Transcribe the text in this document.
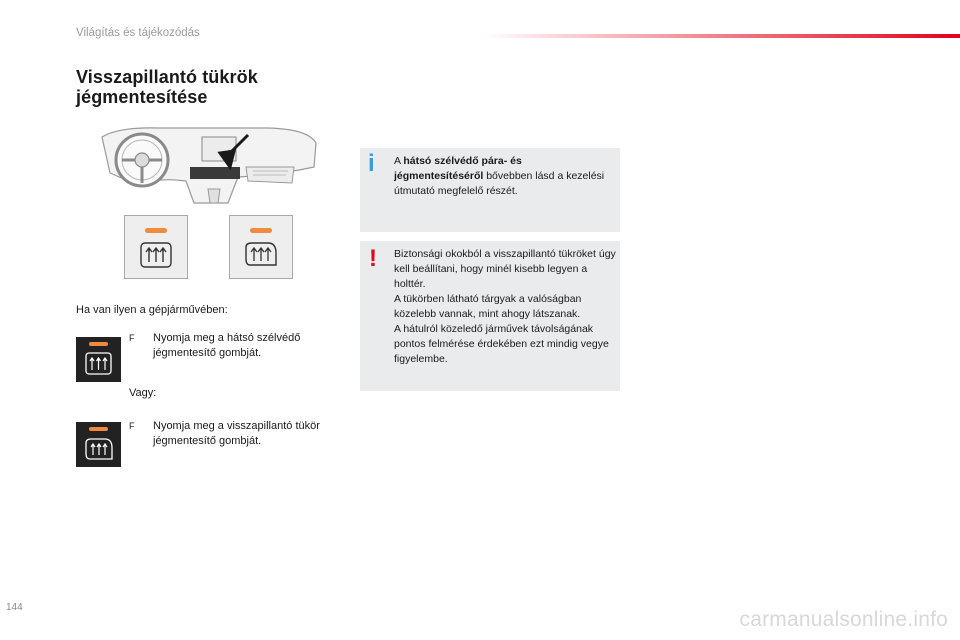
Világítás és tájékozódás
Visszapillantó tükrök
jégmentesítése
Ha van ilyen a gépjárművében:
F Nyomja meg a hátsó szélvédő jégmentesítő gombját.
Vagy:
F Nyomja meg a visszapillantó tükör jégmentesítő gombját.
i A hátsó szélvédő pára- és jégmentesítéséről bővebben lásd a kezelési útmutató megfelelő részét.
! Biztonsági okokból a visszapillantó tükröket úgy kell beállítani, hogy minél kisebb legyen a holttér.
A tükörben látható tárgyak a valóságban közelebb vannak, mint ahogy látszanak.
A hátulról közeledő járművek távolságának pontos felmérése érdekében ezt mindig vegye figyelembe.
144
carmanualsonline.info
